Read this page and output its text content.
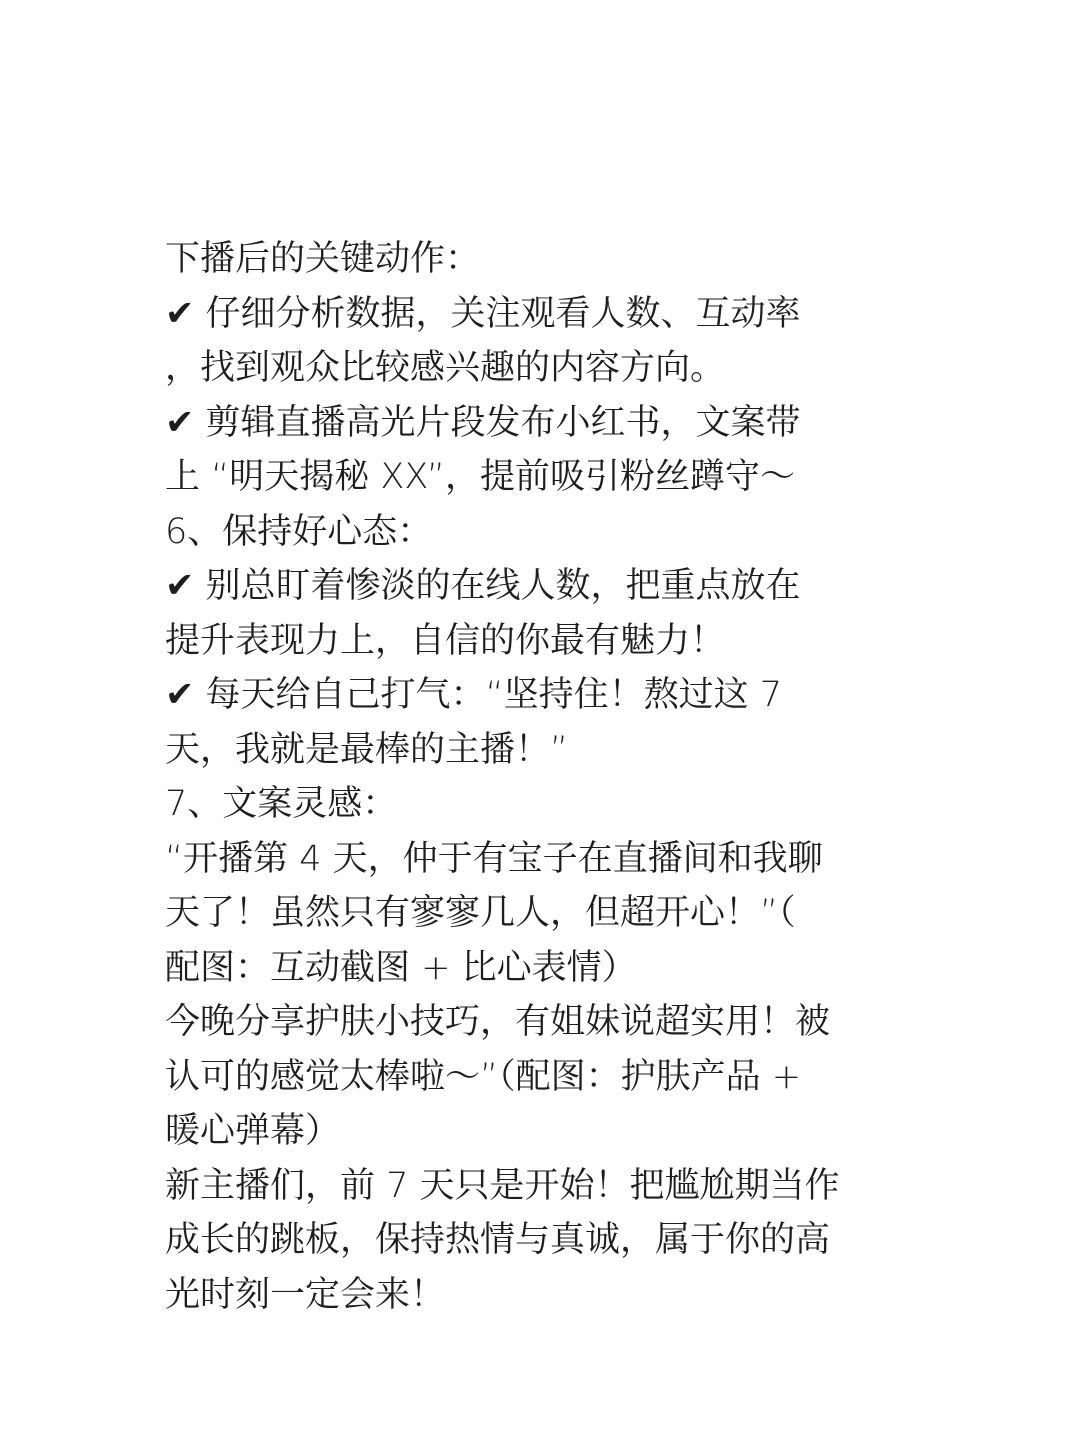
下播后的关键动作：
✔ 仔细分析数据，关注观看人数、互动率
，找到观众比较感兴趣的内容方向。
✔ 剪辑直播高光片段发布小红书，文案带
上 “明天揭秘 XX”，提前吸引粉丝蹲守～
6、保持好心态：
✔ 别总盯着惨淡的在线人数，把重点放在
提升表现力上，自信的你最有魅力！
✔ 每天给自己打气：“坚持住！熬过这 7
天，我就是最棒的主播！”
7、文案灵感：
“开播第 4 天，仲于有宝子在直播间和我聊
天了！虽然只有寥寥几人，但超开心！”（
配图：互动截图 + 比心表情）
今晚分享护肤小技巧，有姐妹说超实用！被
认可的感觉太棒啦～”（配图：护肤产品 +
暖心弹幕）
新主播们，前 7 天只是开始！把尴尬期当作
成长的跳板，保持热情与真诚，属于你的高
光时刻一定会来！
